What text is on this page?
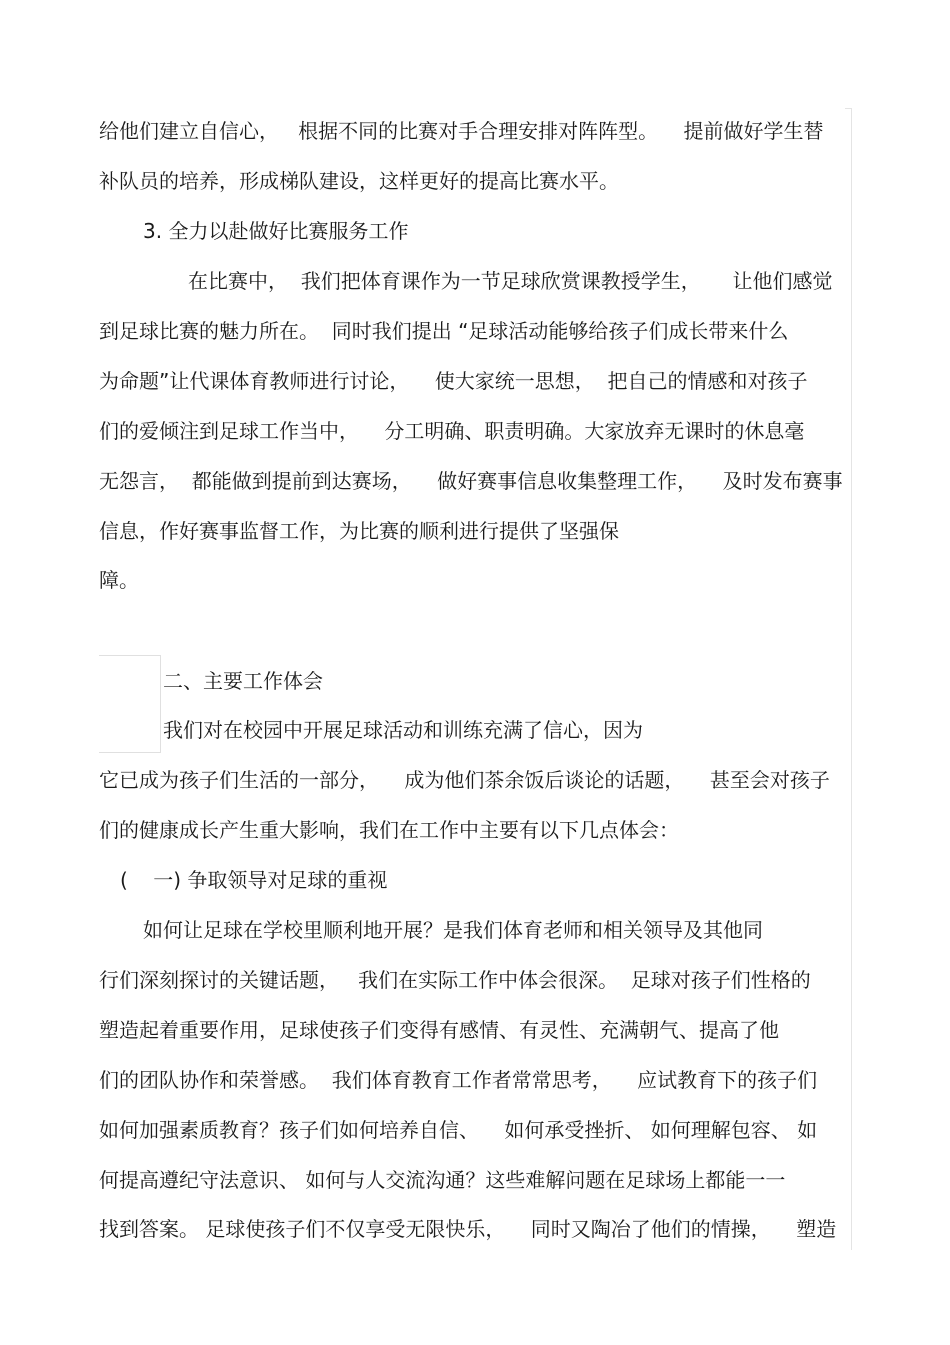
给他们建立自信心，   根据不同的比赛对手合理安排对阵阵型。    提前做好学生替
补队员的培养，形成梯队建设，这样更好的提高比赛水平。
3. 全力以赴做好比赛服务工作
在比赛中，  我们把体育课作为一节足球欣赏课教授学生，     让他们感觉
到足球比赛的魅力所在。  同时我们提出 “足球活动能够给孩子们成长带来什么
为命题”让代课体育教师进行讨论，    使大家统一思想，  把自己的情感和对孩子
们的爱倾注到足球工作当中，    分工明确、职责明确。大家放弃无课时的休息毫
无怨言，  都能做到提前到达赛场，    做好赛事信息收集整理工作，    及时发布赛事
信息，作好赛事监督工作，为比赛的顺利进行提供了坚强保
障。
二、主要工作体会
我们对在校园中开展足球活动和训练充满了信心，因为
它已成为孩子们生活的一部分，    成为他们茶余饭后谈论的话题，    甚至会对孩子
们的健康成长产生重大影响，我们在工作中主要有以下几点体会：
(    一) 争取领导对足球的重视
如何让足球在学校里顺利地开展？是我们体育老师和相关领导及其他同
行们深刻探讨的关键话题，   我们在实际工作中体会很深。  足球对孩子们性格的
塑造起着重要作用，足球使孩子们变得有感情、有灵性、充满朝气、提高了他
们的团队协作和荣誉感。  我们体育教育工作者常常思考，    应试教育下的孩子们
如何加强素质教育？孩子们如何培养自信、    如何承受挫折、 如何理解包容、 如
何提高遵纪守法意识、 如何与人交流沟通？这些难解问题在足球场上都能一一
找到答案。 足球使孩子们不仅享受无限快乐，    同时又陶冶了他们的情操，    塑造
